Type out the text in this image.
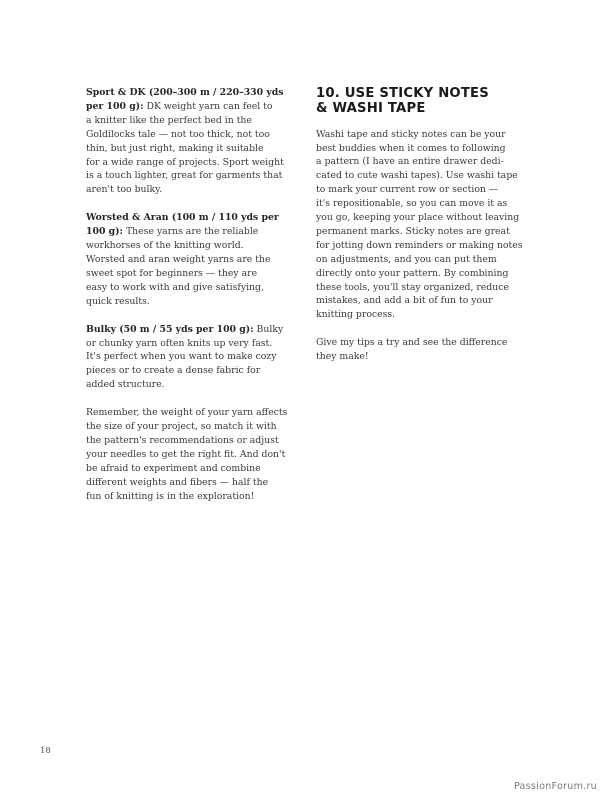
Sport & DK (200–300 m / 220–330 yds
per 100 g): DK weight yarn can feel to
a knitter like the perfect bed in the
Goldilocks tale — not too thick, not too
thin, but just right, making it suitable
for a wide range of projects. Sport weight
is a touch lighter, great for garments that
aren't too bulky.

Worsted & Aran (100 m / 110 yds per
100 g): These yarns are the reliable
workhorses of the knitting world.
Worsted and aran weight yarns are the
sweet spot for beginners — they are
easy to work with and give satisfying,
quick results.

Bulky (50 m / 55 yds per 100 g): Bulky
or chunky yarn often knits up very fast.
It's perfect when you want to make cozy
pieces or to create a dense fabric for
added structure.

Remember, the weight of your yarn affects
the size of your project, so match it with
the pattern's recommendations or adjust
your needles to get the right fit. And don't
be afraid to experiment and combine
different weights and fibers — half the
fun of knitting is in the exploration!

10. USE STICKY NOTES
& WASHI TAPE

Washi tape and sticky notes can be your
best buddies when it comes to following
a pattern (I have an entire drawer dedi-
cated to cute washi tapes). Use washi tape
to mark your current row or section —
it's repositionable, so you can move it as
you go, keeping your place without leaving
permanent marks. Sticky notes are great
for jotting down reminders or making notes
on adjustments, and you can put them
directly onto your pattern. By combining
these tools, you'll stay organized, reduce
mistakes, and add a bit of fun to your
knitting process.

Give my tips a try and see the difference
they make!

18
PassionForum.ru
